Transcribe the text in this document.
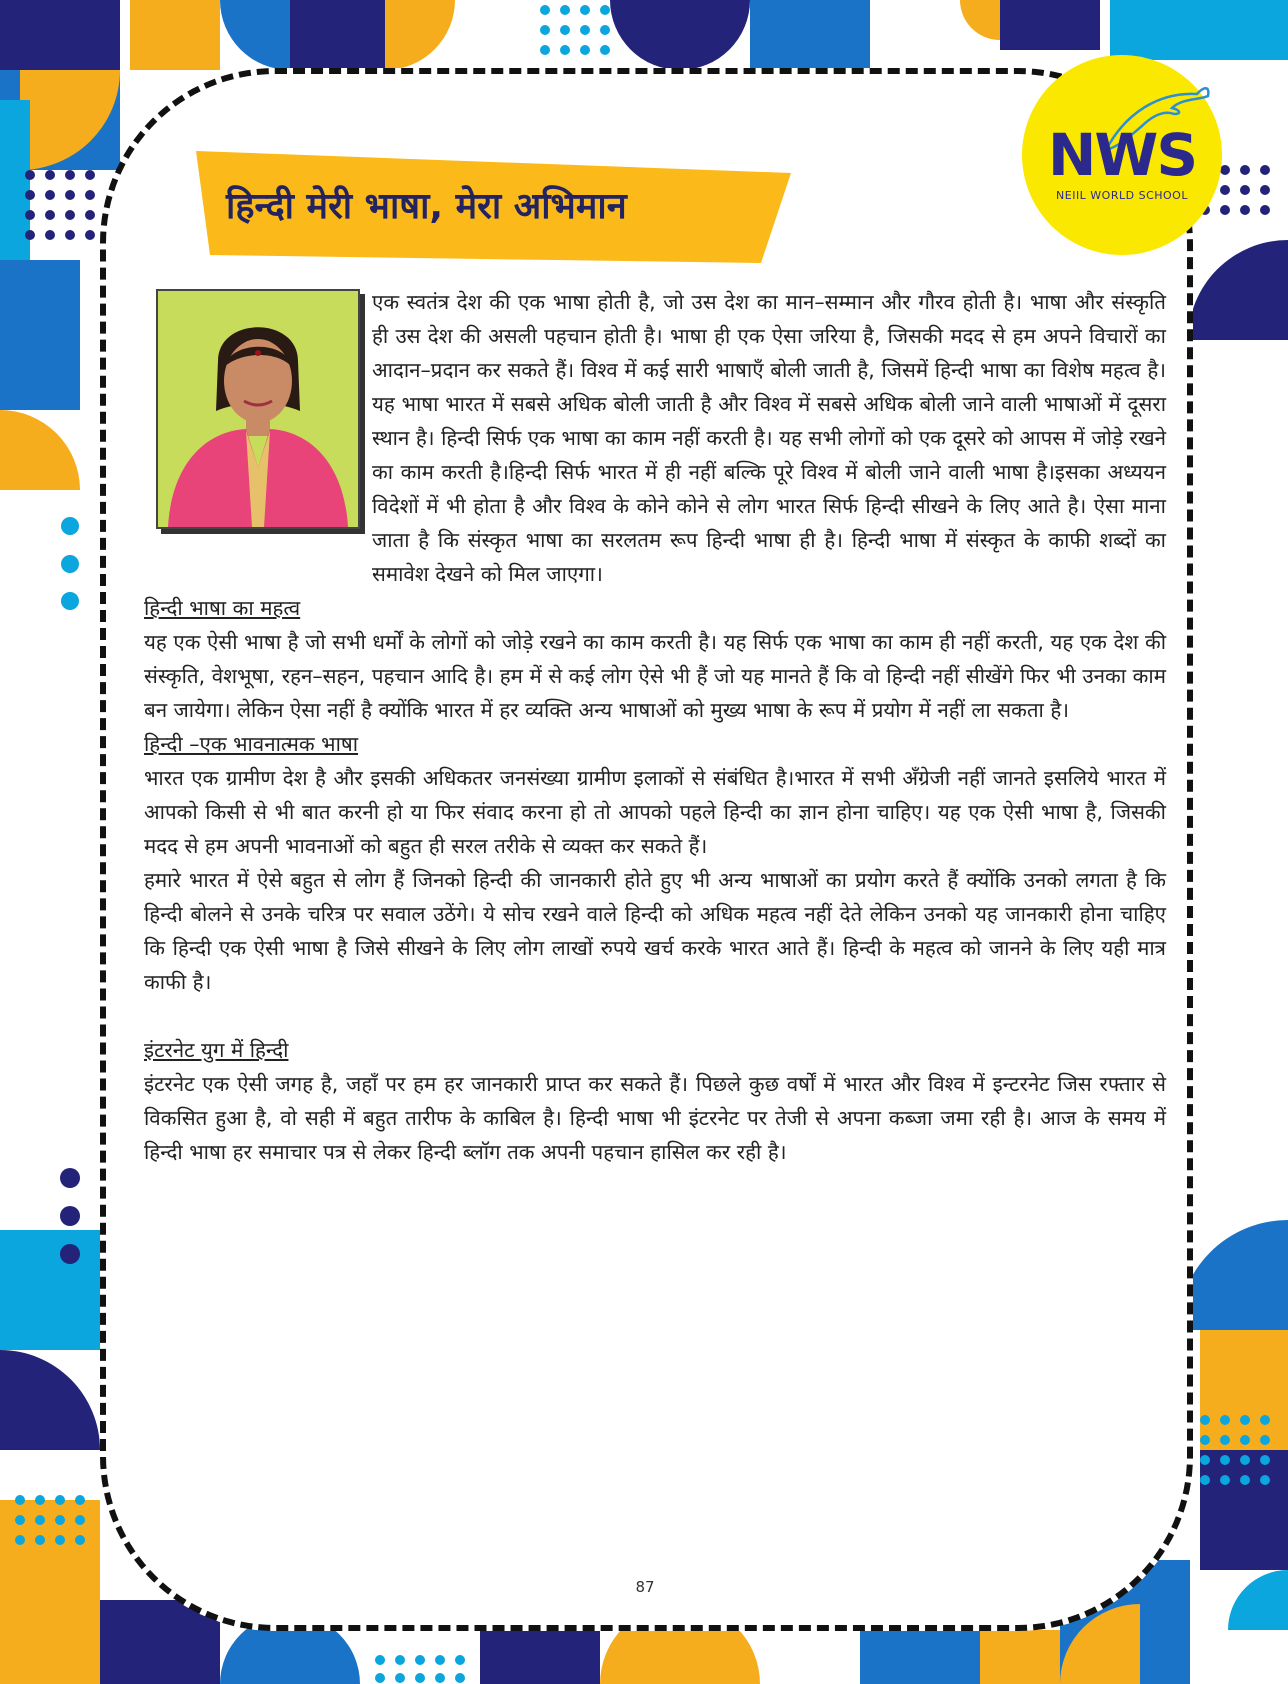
हिन्दी मेरी भाषा, मेरा अभिमान
NWS
NEIIL WORLD SCHOOL

एक स्वतंत्र देश की एक भाषा होती है, जो उस देश का मान–सम्मान और गौरव होती है। भाषा और संस्कृति ही उस देश की असली पहचान होती है। भाषा ही एक ऐसा जरिया है, जिसकी मदद से हम अपने विचारों का आदान–प्रदान कर सकते हैं। विश्व में कई सारी भाषाएँ बोली जाती है, जिसमें हिन्दी भाषा का विशेष महत्व है। यह भाषा भारत में सबसे अधिक बोली जाती है और विश्व में सबसे अधिक बोली जाने वाली भाषाओं में दूसरा स्थान है। हिन्दी सिर्फ एक भाषा का काम नहीं करती है। यह सभी लोगों को एक दूसरे को आपस में जोड़े रखने का काम करती है।हिन्दी सिर्फ भारत में ही नहीं बल्कि पूरे विश्व में बोली जाने वाली भाषा है।इसका अध्ययन विदेशों में भी होता है और विश्व के कोने कोने से लोग भारत सिर्फ हिन्दी सीखने के लिए आते है। ऐसा माना जाता है कि संस्कृत भाषा का सरलतम रूप हिन्दी भाषा ही है। हिन्दी भाषा में संस्कृत के काफी शब्दों का समावेश देखने को मिल जाएगा।

हिन्दी भाषा का महत्व

यह एक ऐसी भाषा है जो सभी धर्मों के लोगों को जोड़े रखने का काम करती है। यह सिर्फ एक भाषा का काम ही नहीं करती, यह एक देश की संस्कृति, वेशभूषा, रहन–सहन, पहचान आदि है। हम में से कई लोग ऐसे भी हैं जो यह मानते हैं कि वो हिन्दी नहीं सीखेंगे फिर भी उनका काम बन जायेगा। लेकिन ऐसा नहीं है क्योंकि भारत में हर व्यक्ति अन्य भाषाओं को मुख्य भाषा के रूप में प्रयोग में नहीं ला सकता है।

हिन्दी –एक भावनात्मक भाषा

भारत एक ग्रामीण देश है और इसकी अधिकतर जनसंख्या ग्रामीण इलाकों से संबंधित है।भारत में सभी अँग्रेजी नहीं जानते इसलिये भारत में आपको किसी से भी बात करनी हो या फिर संवाद करना हो तो आपको पहले हिन्दी का ज्ञान होना चाहिए। यह एक ऐसी भाषा है, जिसकी मदद से हम अपनी भावनाओं को बहुत ही सरल तरीके से व्यक्त कर सकते हैं।

हमारे भारत में ऐसे बहुत से लोग हैं जिनको हिन्दी की जानकारी होते हुए भी अन्य भाषाओं का प्रयोग करते हैं क्योंकि उनको लगता है कि हिन्दी बोलने से उनके चरित्र पर सवाल उठेंगे। ये सोच रखने वाले हिन्दी को अधिक महत्व नहीं देते लेकिन उनको यह जानकारी होना चाहिए कि हिन्दी एक ऐसी भाषा है जिसे सीखने के लिए लोग लाखों रुपये खर्च करके भारत आते हैं। हिन्दी के महत्व को जानने के लिए यही मात्र काफी है।

इंटरनेट युग में हिन्दी

इंटरनेट एक ऐसी जगह है, जहाँ पर हम हर जानकारी प्राप्त कर सकते हैं। पिछले कुछ वर्षों में भारत और विश्व में इन्टरनेट जिस रफ्तार से विकसित हुआ है, वो सही में बहुत तारीफ के काबिल है। हिन्दी भाषा भी इंटरनेट पर तेजी से अपना कब्जा जमा रही है। आज के समय में हिन्दी भाषा हर समाचार पत्र से लेकर हिन्दी ब्लॉग तक अपनी पहचान हासिल कर रही है।

87
